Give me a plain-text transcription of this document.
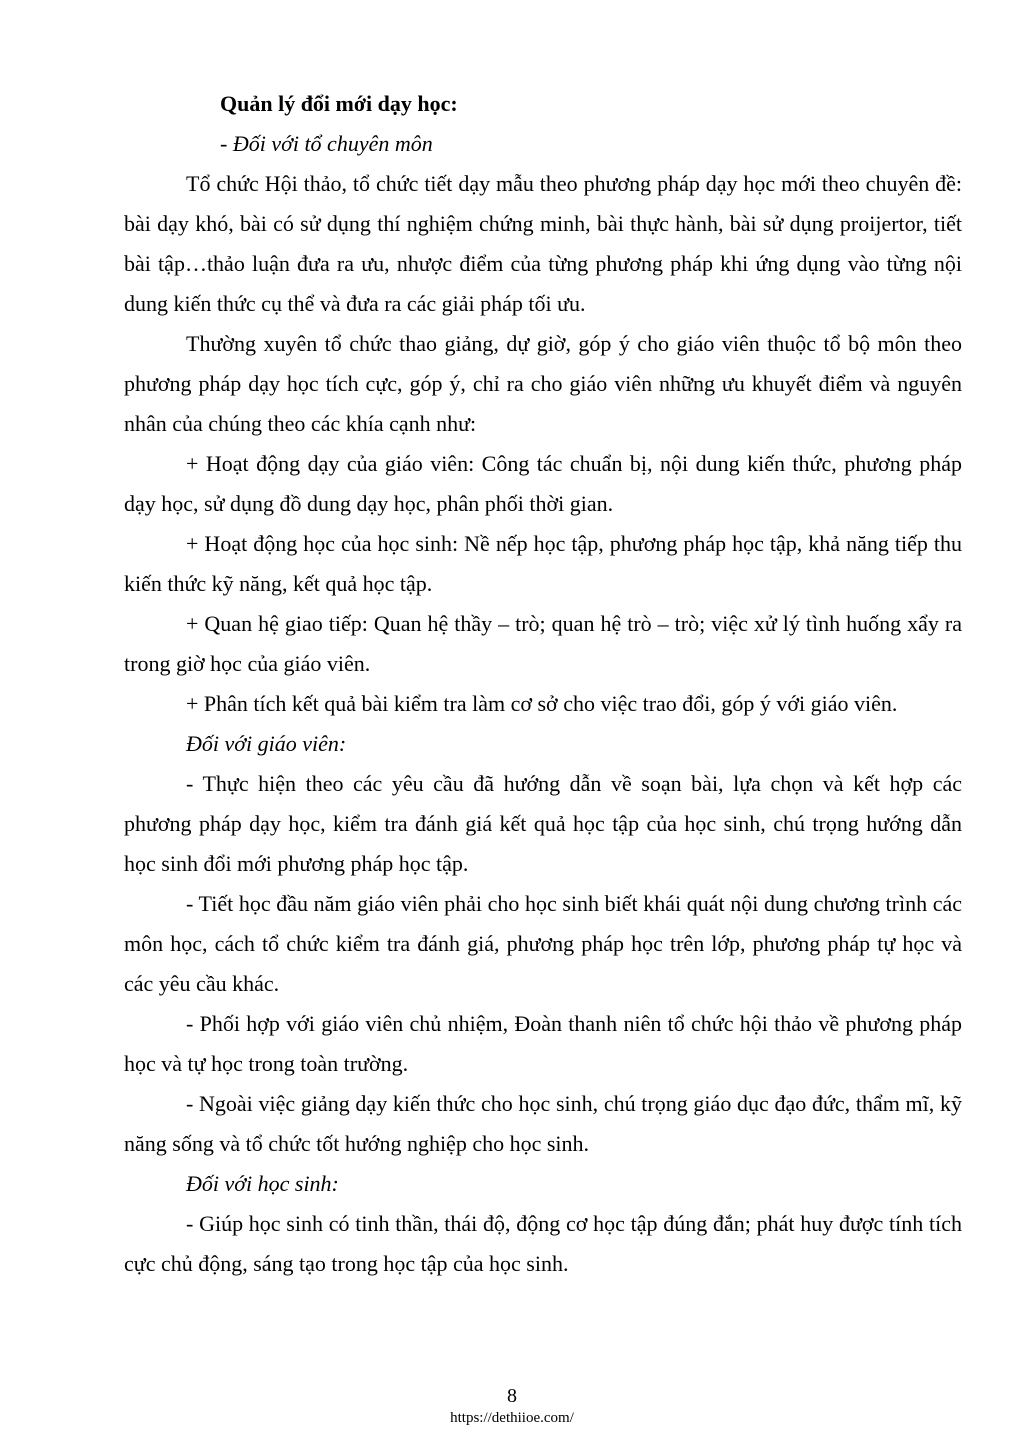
Quản lý đổi mới dạy học:

- Đối với tổ chuyên môn

Tổ chức Hội thảo, tổ chức tiết dạy mẫu theo phương pháp dạy học mới theo chuyên đề: bài dạy khó, bài có sử dụng thí nghiệm chứng minh, bài thực hành, bài sử dụng proijertor, tiết bài tập…thảo luận đưa ra ưu, nhược điểm của từng phương pháp khi ứng dụng vào từng nội dung kiến thức cụ thể và đưa ra các giải pháp tối ưu.

Thường xuyên tổ chức thao giảng, dự giờ, góp ý cho giáo viên thuộc tổ bộ môn theo phương pháp dạy học tích cực, góp ý, chỉ ra cho giáo viên những ưu khuyết điểm và nguyên nhân của chúng theo các khía cạnh như:

+ Hoạt động dạy của giáo viên: Công tác chuẩn bị, nội dung kiến thức, phương pháp dạy học, sử dụng đồ dung dạy học, phân phối thời gian.

+ Hoạt động học của học sinh: Nề nếp học tập, phương pháp học tập, khả năng tiếp thu kiến thức kỹ năng, kết quả học tập.

+ Quan hệ giao tiếp: Quan hệ thầy – trò; quan hệ trò – trò; việc xử lý tình huống xẩy ra trong giờ học của giáo viên.

+ Phân tích kết quả bài kiểm tra làm cơ sở cho việc trao đổi, góp ý với giáo viên.

Đối với giáo viên:

- Thực hiện theo các yêu cầu đã hướng dẫn về soạn bài, lựa chọn và kết hợp các phương pháp dạy học, kiểm tra đánh giá kết quả học tập của học sinh, chú trọng hướng dẫn học sinh đổi mới phương pháp học tập.

- Tiết học đầu năm giáo viên phải cho học sinh biết khái quát nội dung chương trình các môn học, cách tổ chức kiểm tra đánh giá, phương pháp học trên lớp, phương pháp tự học và các yêu cầu khác.

- Phối hợp với giáo viên chủ nhiệm, Đoàn thanh niên tổ chức hội thảo về phương pháp học và tự học trong toàn trường.

- Ngoài việc giảng dạy kiến thức cho học sinh, chú trọng giáo dục đạo đức, thẩm mĩ, kỹ năng sống và tổ chức tốt hướng nghiệp cho học sinh.

Đối với học sinh:

- Giúp học sinh có tinh thần, thái độ, động cơ học tập đúng đắn; phát huy được tính tích cực chủ động, sáng tạo trong học tập của học sinh.

8
https://dethiioe.com/
